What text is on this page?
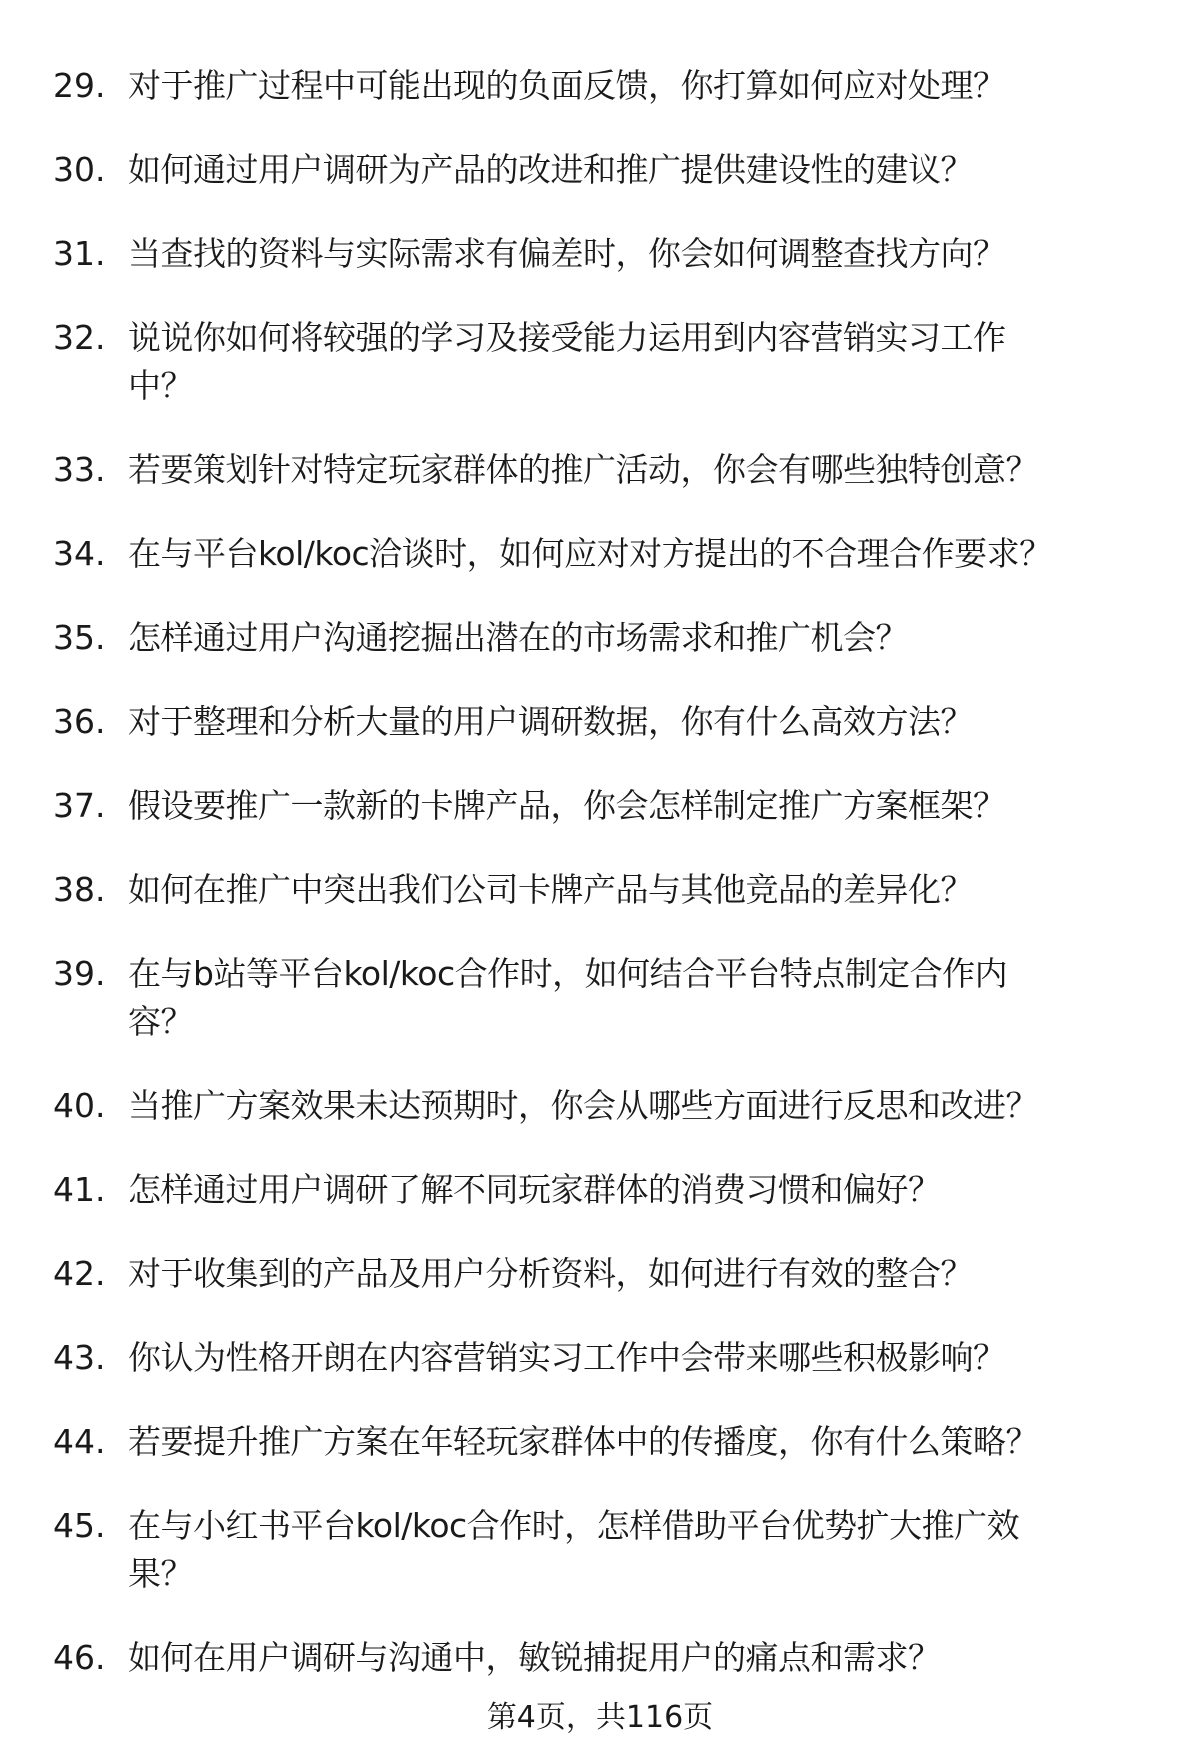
29. 对于推广过程中可能出现的负面反馈，你打算如何应对处理？
30. 如何通过用户调研为产品的改进和推广提供建设性的建议？
31. 当查找的资料与实际需求有偏差时，你会如何调整查找方向？
32. 说说你如何将较强的学习及接受能力运用到内容营销实习工作
中？
33. 若要策划针对特定玩家群体的推广活动，你会有哪些独特创意？
34. 在与平台kol/koc洽谈时，如何应对对方提出的不合理合作要求？
35. 怎样通过用户沟通挖掘出潜在的市场需求和推广机会？
36. 对于整理和分析大量的用户调研数据，你有什么高效方法？
37. 假设要推广一款新的卡牌产品，你会怎样制定推广方案框架？
38. 如何在推广中突出我们公司卡牌产品与其他竞品的差异化？
39. 在与b站等平台kol/koc合作时，如何结合平台特点制定合作内
容？
40. 当推广方案效果未达预期时，你会从哪些方面进行反思和改进？
41. 怎样通过用户调研了解不同玩家群体的消费习惯和偏好？
42. 对于收集到的产品及用户分析资料，如何进行有效的整合？
43. 你认为性格开朗在内容营销实习工作中会带来哪些积极影响？
44. 若要提升推广方案在年轻玩家群体中的传播度，你有什么策略？
45. 在与小红书平台kol/koc合作时，怎样借助平台优势扩大推广效
果？
46. 如何在用户调研与沟通中，敏锐捕捉用户的痛点和需求？
第4页，共116页
